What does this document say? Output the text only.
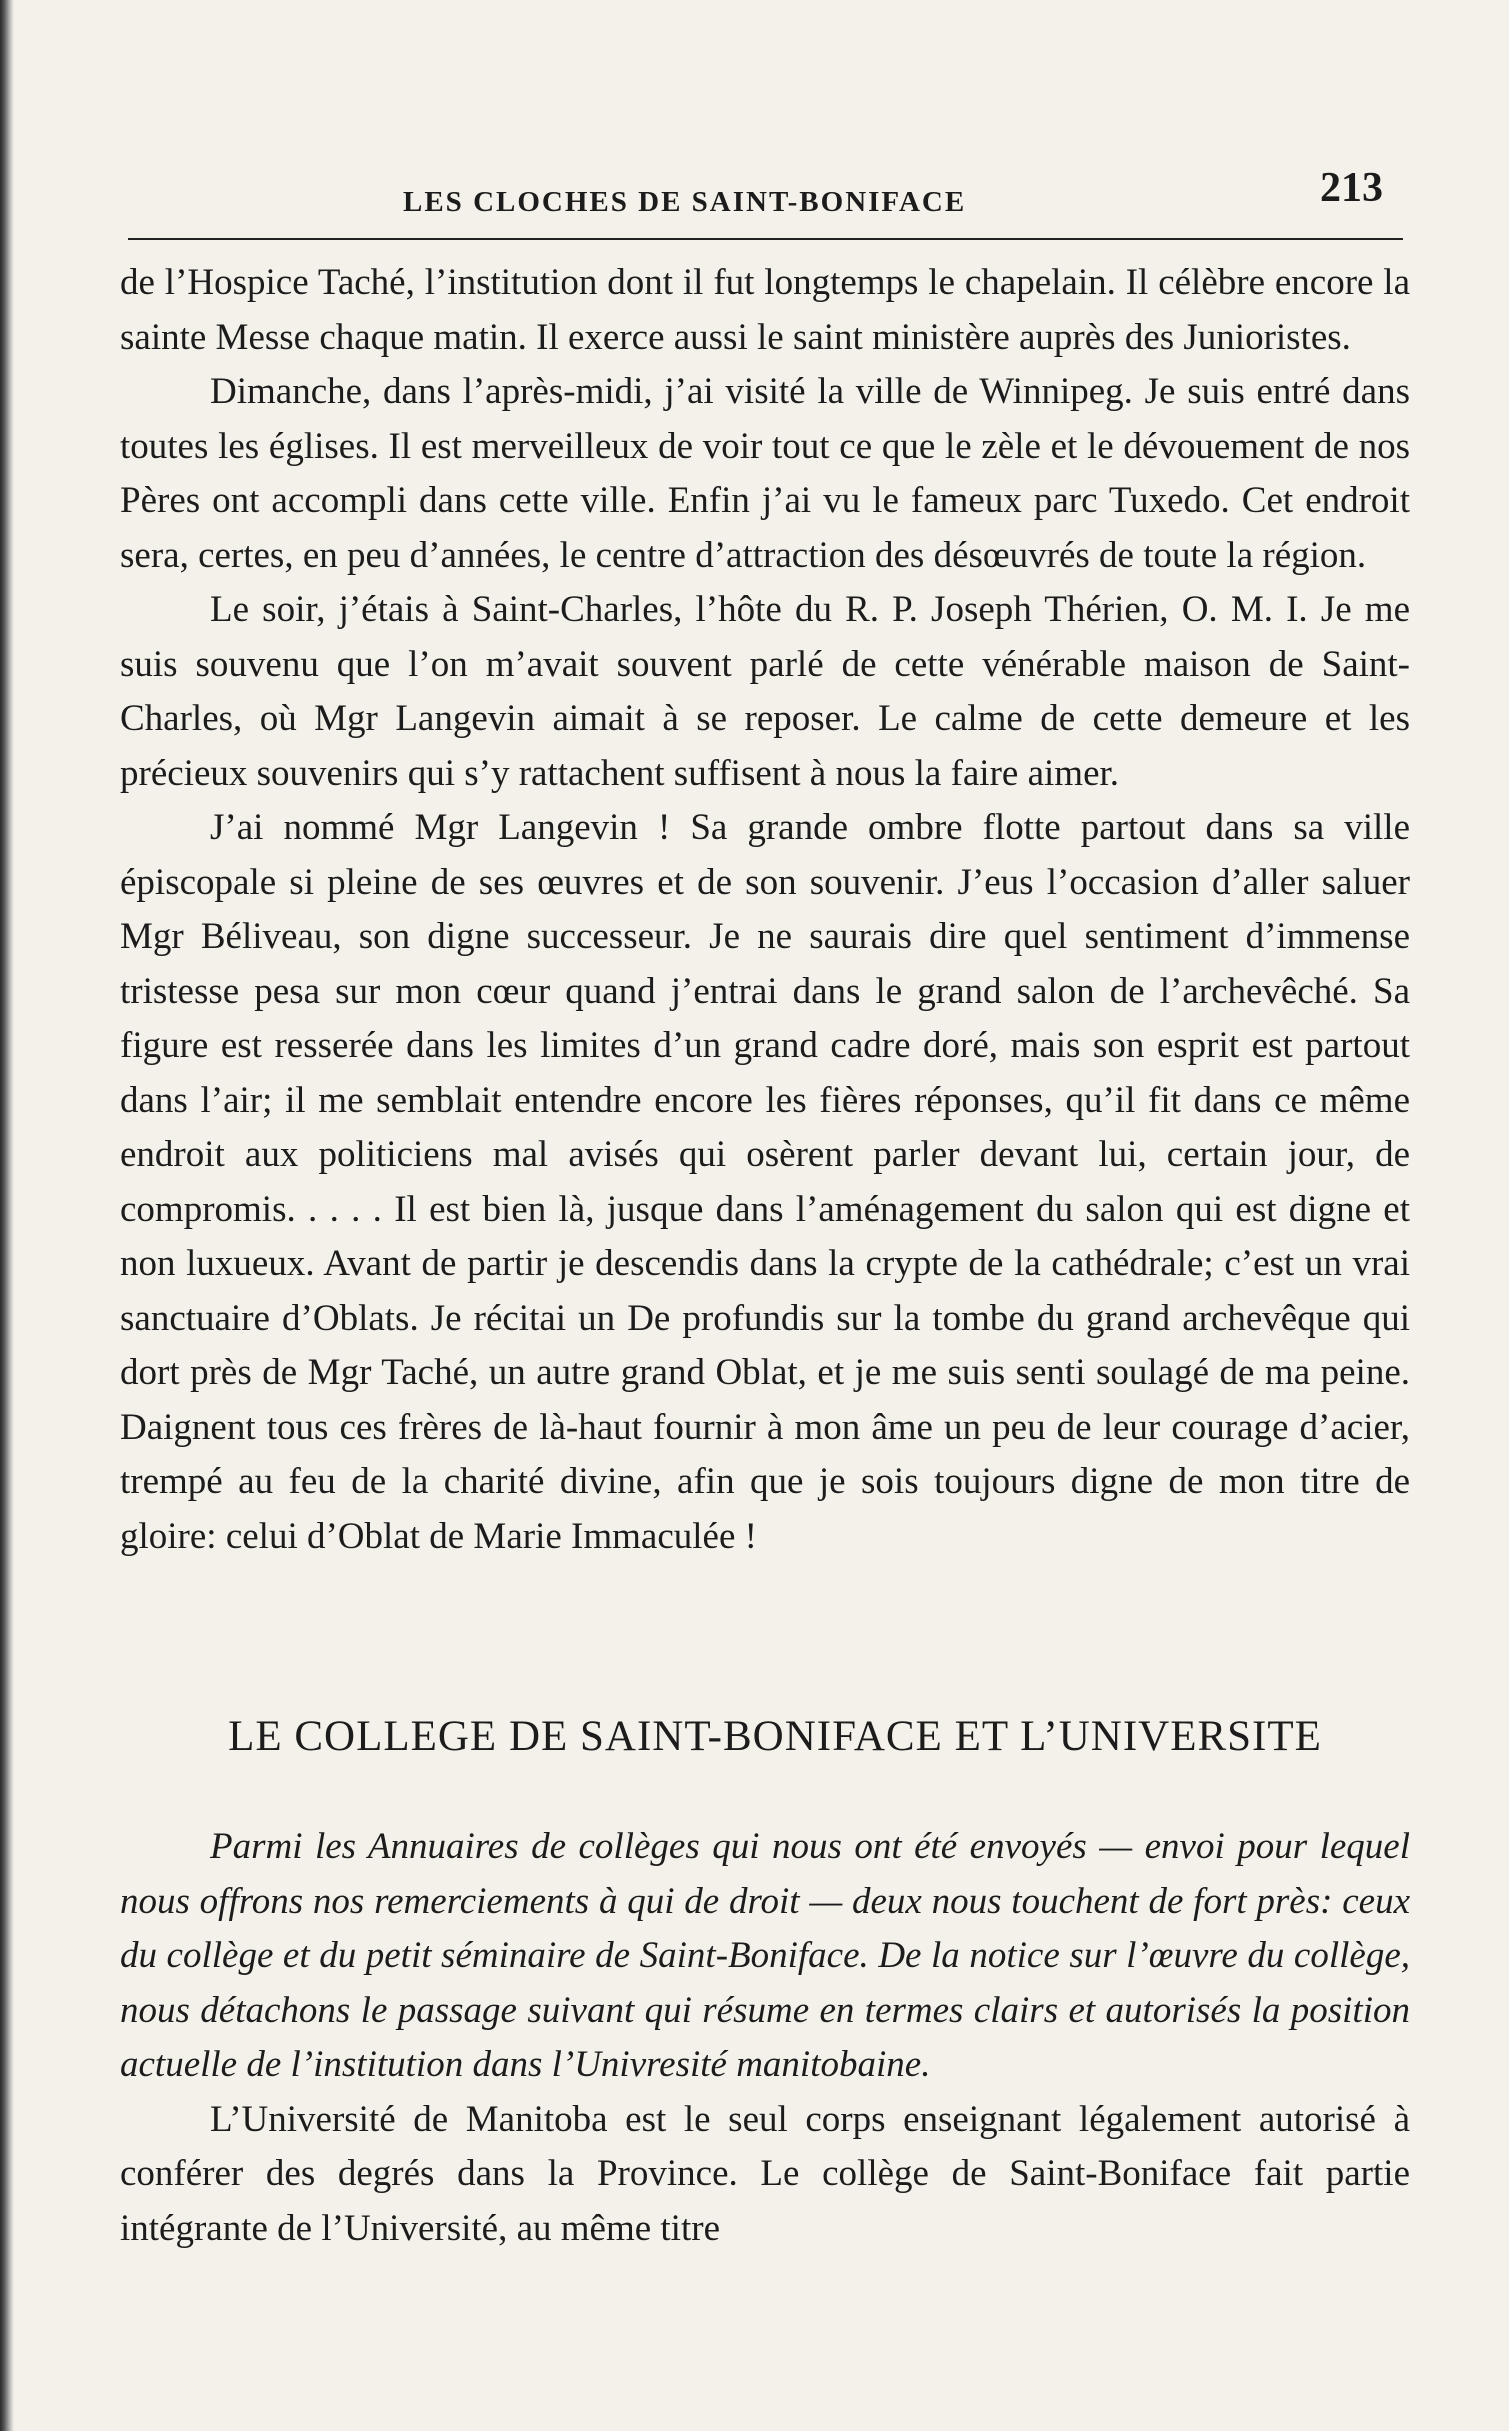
LES CLOCHES DE SAINT-BONIFACE	213

de l’Hospice Taché, l’institution dont il fut longtemps le chapelain. Il célèbre encore la sainte Messe chaque matin. Il exerce aussi le saint ministère auprès des Junioristes.

Dimanche, dans l’après-midi, j’ai visité la ville de Winnipeg. Je suis entré dans toutes les églises. Il est merveilleux de voir tout ce que le zèle et le dévouement de nos Pères ont accompli dans cette ville. Enfin j’ai vu le fameux parc Tuxedo. Cet endroit sera, certes, en peu d’années, le centre d’attraction des désœuvrés de toute la région.

Le soir, j’étais à Saint-Charles, l’hôte du R. P. Joseph Thérien, O. M. I. Je me suis souvenu que l’on m’avait souvent parlé de cette vénérable maison de Saint-Charles, où Mgr Langevin aimait à se reposer. Le calme de cette demeure et les précieux souvenirs qui s’y rattachent suffisent à nous la faire aimer.

J’ai nommé Mgr Langevin ! Sa grande ombre flotte partout dans sa ville épiscopale si pleine de ses œuvres et de son souvenir. J’eus l’occasion d’aller saluer Mgr Béliveau, son digne successeur. Je ne saurais dire quel sentiment d’immense tristesse pesa sur mon cœur quand j’entrai dans le grand salon de l’archevêché. Sa figure est resserée dans les limites d’un grand cadre doré, mais son esprit est partout dans l’air; il me semblait entendre encore les fières réponses, qu’il fit dans ce même endroit aux politiciens mal avisés qui osèrent parler devant lui, certain jour, de compromis. . . . . Il est bien là, jusque dans l’aménagement du salon qui est digne et non luxueux. Avant de partir je descendis dans la crypte de la cathédrale; c’est un vrai sanctuaire d’Oblats. Je récitai un De profundis sur la tombe du grand archevêque qui dort près de Mgr Taché, un autre grand Oblat, et je me suis senti soulagé de ma peine. Daignent tous ces frères de là-haut fournir à mon âme un peu de leur courage d’acier, trempé au feu de la charité divine, afin que je sois toujours digne de mon titre de gloire: celui d’Oblat de Marie Immaculée !

LE COLLEGE DE SAINT-BONIFACE ET L’UNIVERSITE

Parmi les Annuaires de collèges qui nous ont été envoyés — envoi pour lequel nous offrons nos remerciements à qui de droit — deux nous touchent de fort près: ceux du collège et du petit séminaire de Saint-Boniface. De la notice sur l’œuvre du collège, nous détachons le passage suivant qui résume en termes clairs et autorisés la position actuelle de l’institution dans l’Univresité manitobaine.

L’Université de Manitoba est le seul corps enseignant légalement autorisé à conférer des degrés dans la Province. Le collège de Saint-Boniface fait partie intégrante de l’Université, au même titre
